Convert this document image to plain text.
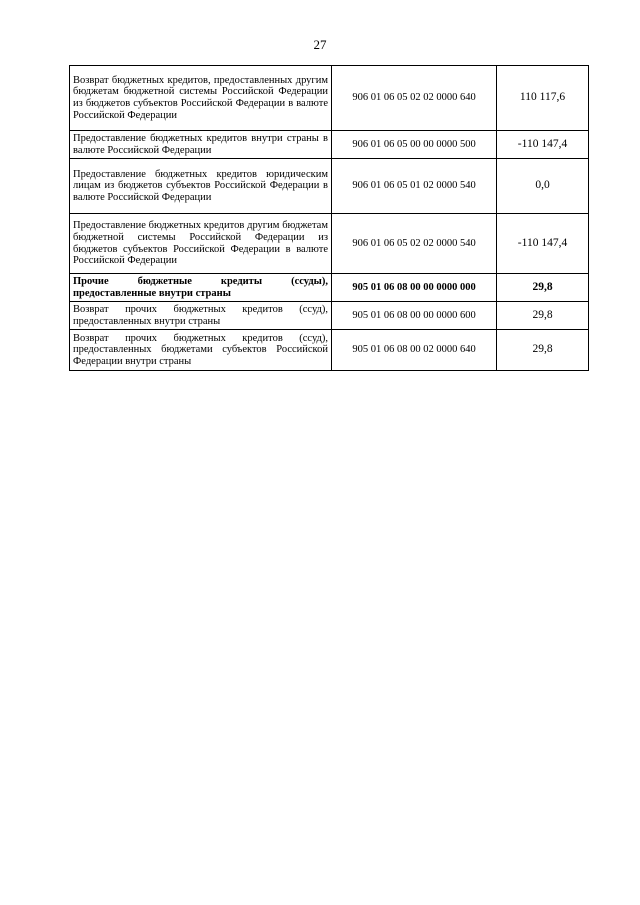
27
Возврат бюджетных кредитов, предоставленных другим бюджетам бюджетной системы Российской Федерации из бюджетов субъектов Российской Федерации в валюте Российской Федерации	906 01 06 05 02 02 0000 640	110 117,6
Предоставление бюджетных кредитов внутри страны в валюте Российской Федерации	906 01 06 05 00 00 0000 500	-110 147,4
Предоставление бюджетных кредитов юридическим лицам из бюджетов субъектов Российской Федерации в валюте Российской Федерации	906 01 06 05 01 02 0000 540	0,0
Предоставление бюджетных кредитов другим бюджетам бюджетной системы Российской Федерации из бюджетов субъектов Российской Федерации в валюте Российской Федерации	906 01 06 05 02 02 0000 540	-110 147,4
Прочие бюджетные кредиты (ссуды), предоставленные внутри страны	905 01 06 08 00 00 0000 000	29,8
Возврат прочих бюджетных кредитов (ссуд), предоставленных внутри страны	905 01 06 08 00 00 0000 600	29,8
Возврат прочих бюджетных кредитов (ссуд), предоставленных бюджетами субъектов Российской Федерации внутри страны	905 01 06 08 00 02 0000 640	29,8
